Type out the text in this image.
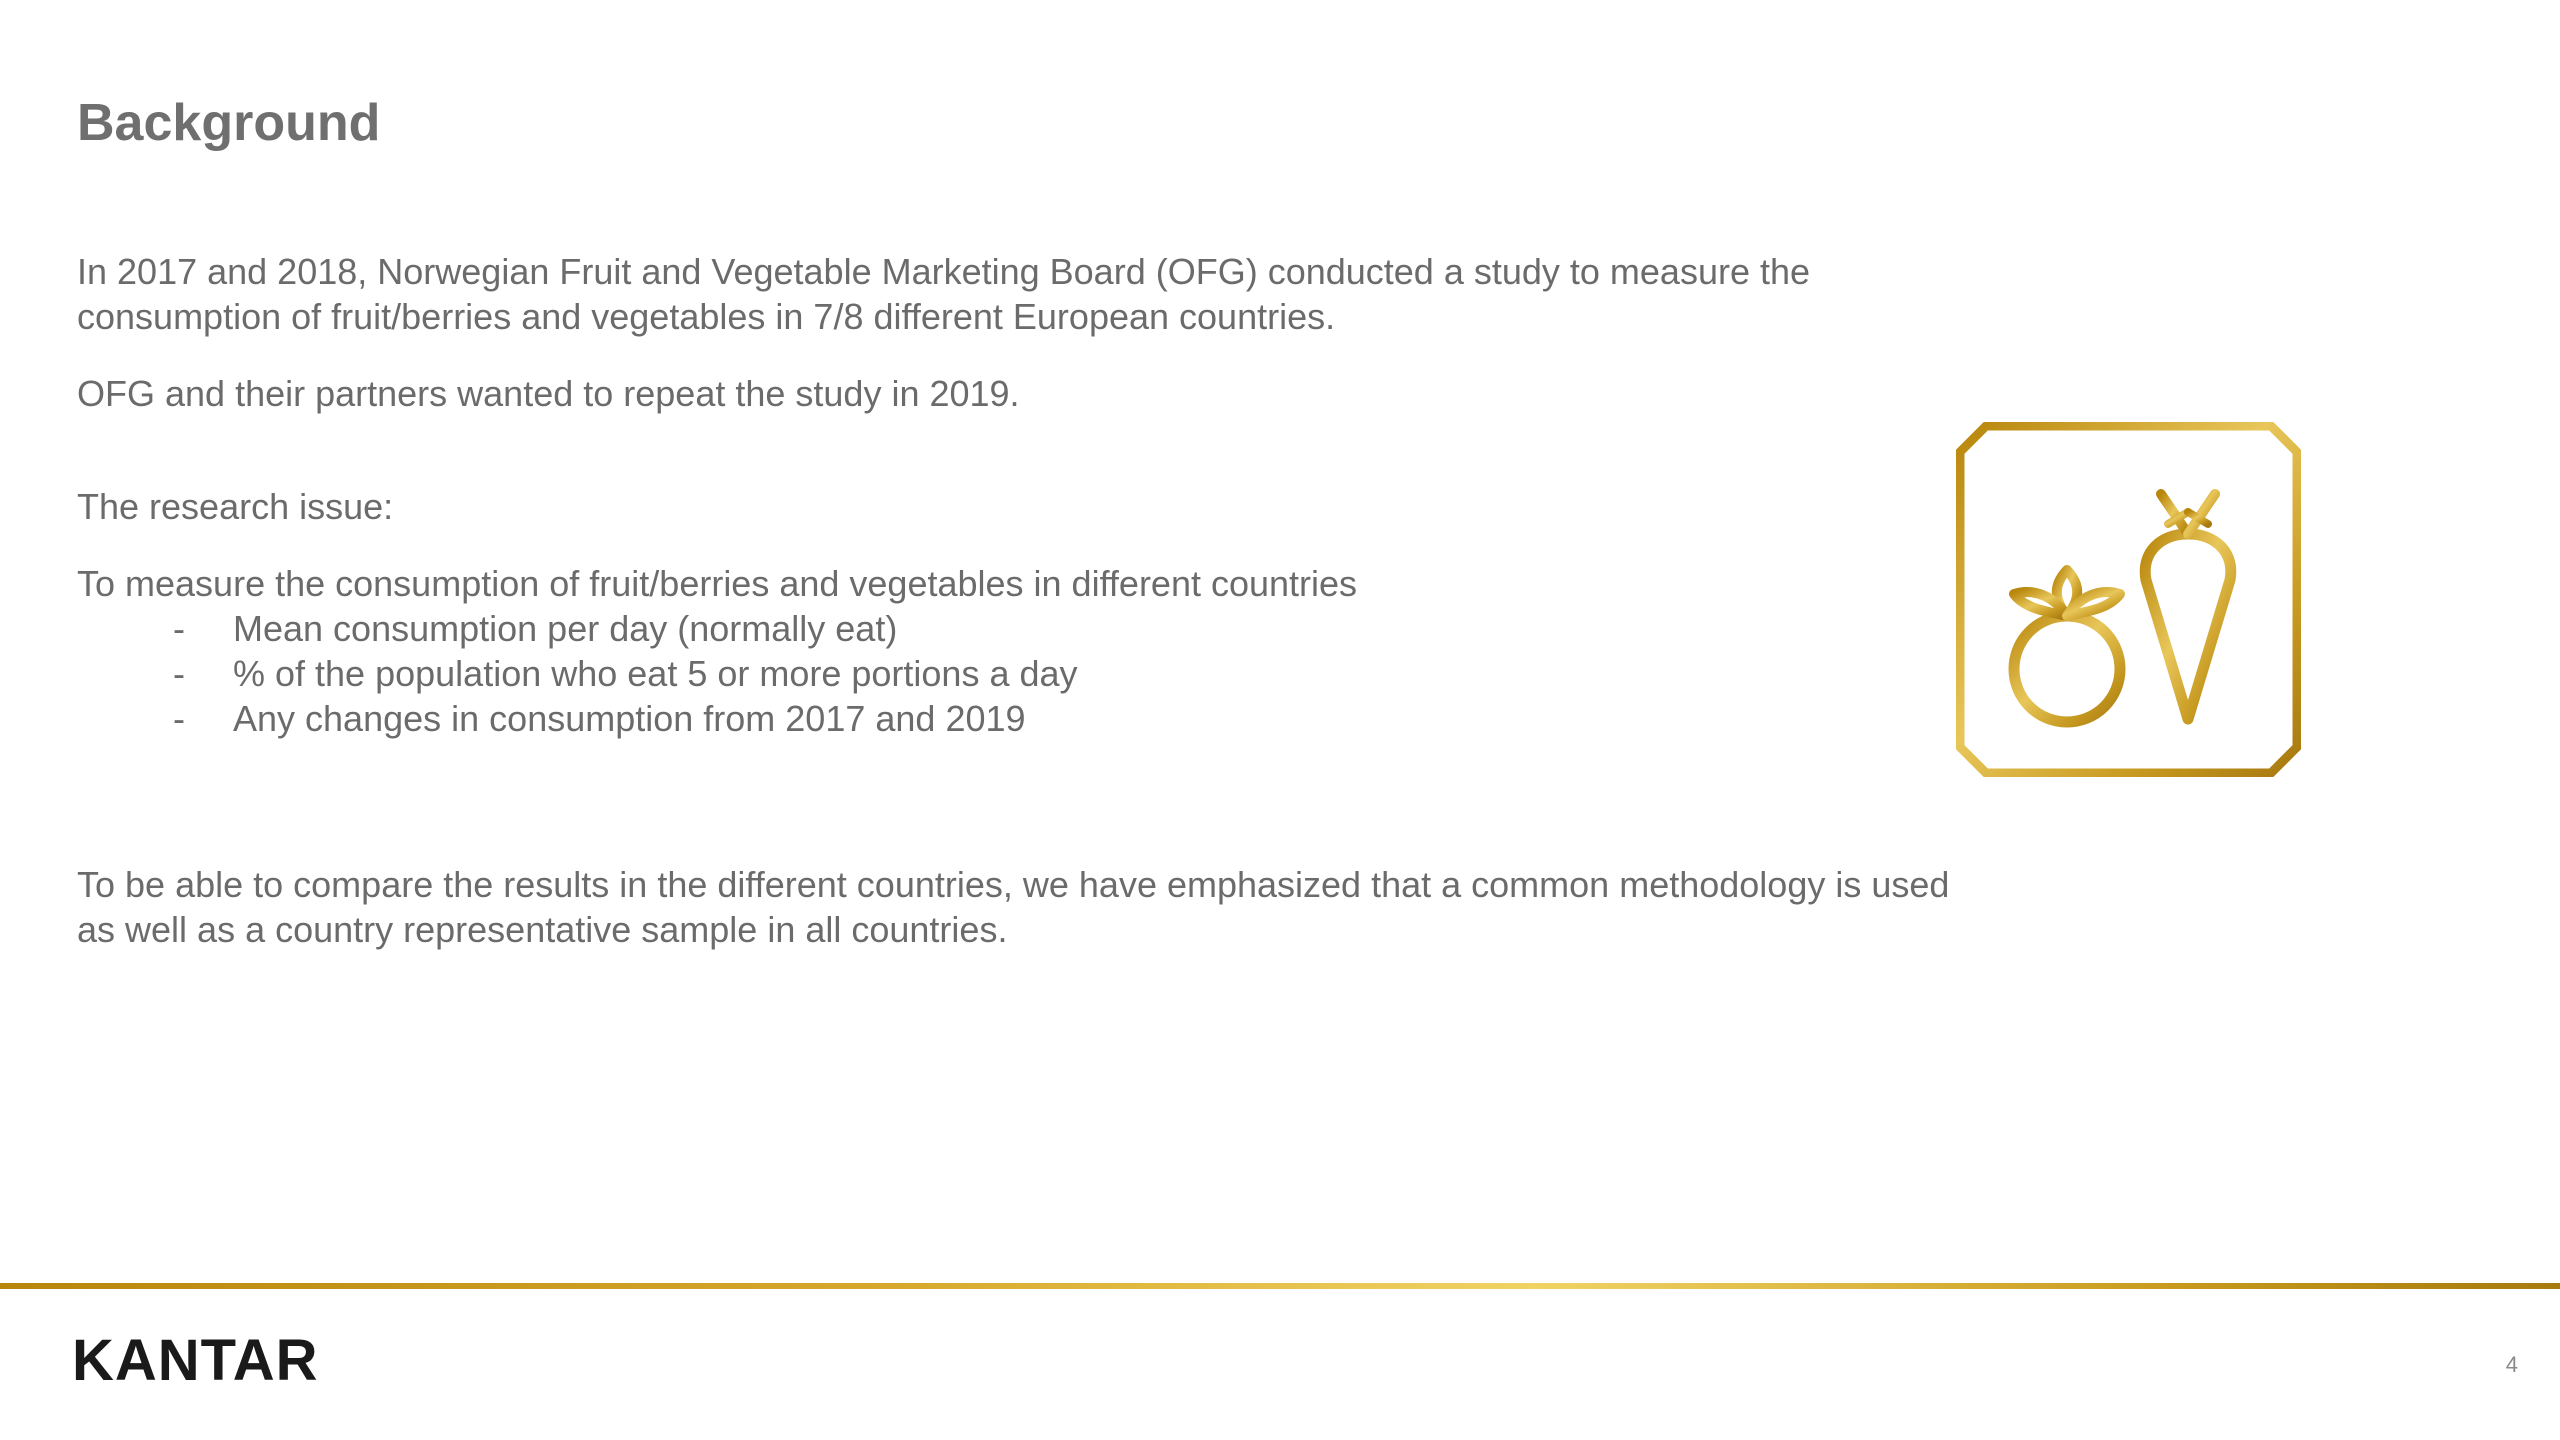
Background

In 2017 and 2018, Norwegian Fruit and Vegetable Marketing Board (OFG) conducted a study to measure the consumption of fruit/berries and vegetables in 7/8 different European countries.

OFG and their partners wanted to repeat the study in 2019.

The research issue:

To measure the consumption of fruit/berries and vegetables in different countries

- Mean consumption per day (normally eat)
- % of the population who eat 5 or more portions a day
- Any changes in consumption from 2017 and 2019

To be able to compare the results in the different countries, we have emphasized that a common methodology is used as well as a country representative sample in all countries.

KANTAR	4
